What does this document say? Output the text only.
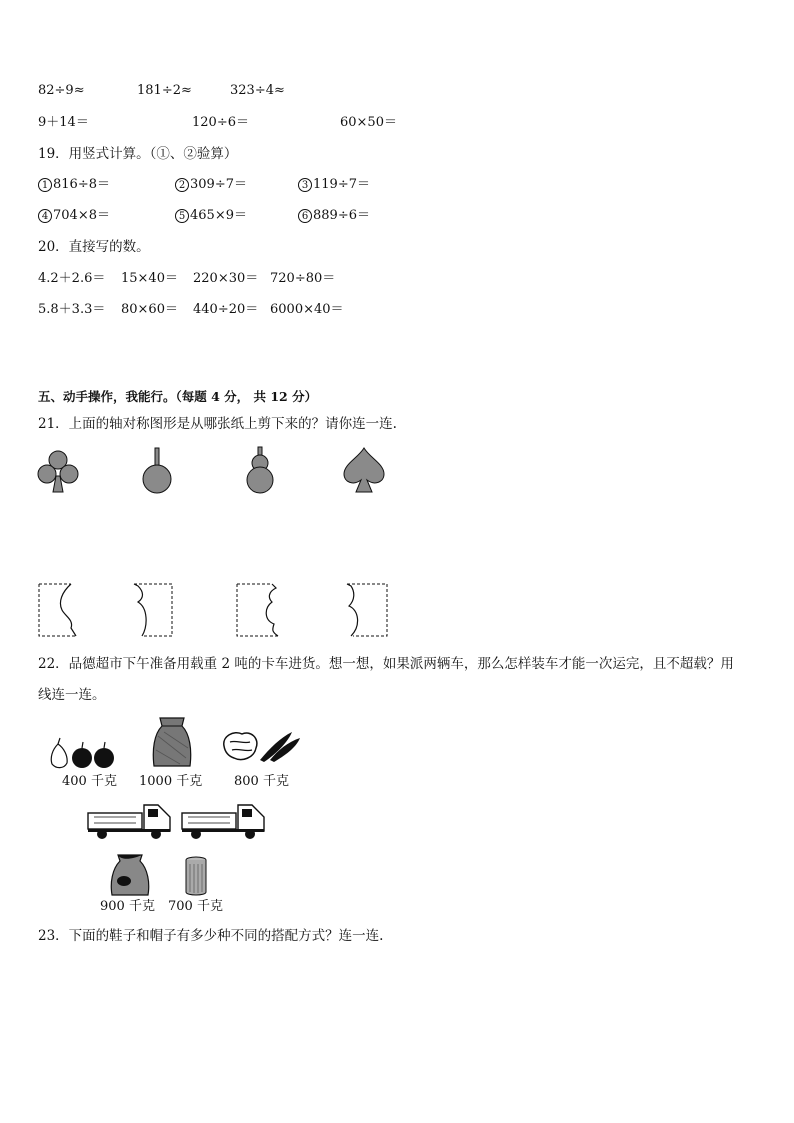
82÷9≈	181÷2≈	323÷4≈
9＋14＝	120÷6＝	60×50＝
19．用竖式计算。（①、②验算）
1 816÷8＝	2 309÷7＝	3 119÷7＝
4 704×8＝	5 465×9＝	6 889÷6＝
20．直接写的数。
4.2＋2.6＝ 15×40＝ 220×30＝ 720÷80＝
5.8＋3.3＝ 80×60＝ 440÷20＝ 6000×40＝
五、动手操作，我能行。（每题 4 分， 共 12 分）
21．上面的轴对称图形是从哪张纸上剪下来的？请你连一连.
22．品德超市下午准备用载重 2 吨的卡车进货。想一想，如果派两辆车，那么怎样装车才能一次运完，且不超载？用
线连一连。
400 千克 1000 千克 800 千克
900 千克 700 千克
23．下面的鞋子和帽子有多少种不同的搭配方式？连一连.
